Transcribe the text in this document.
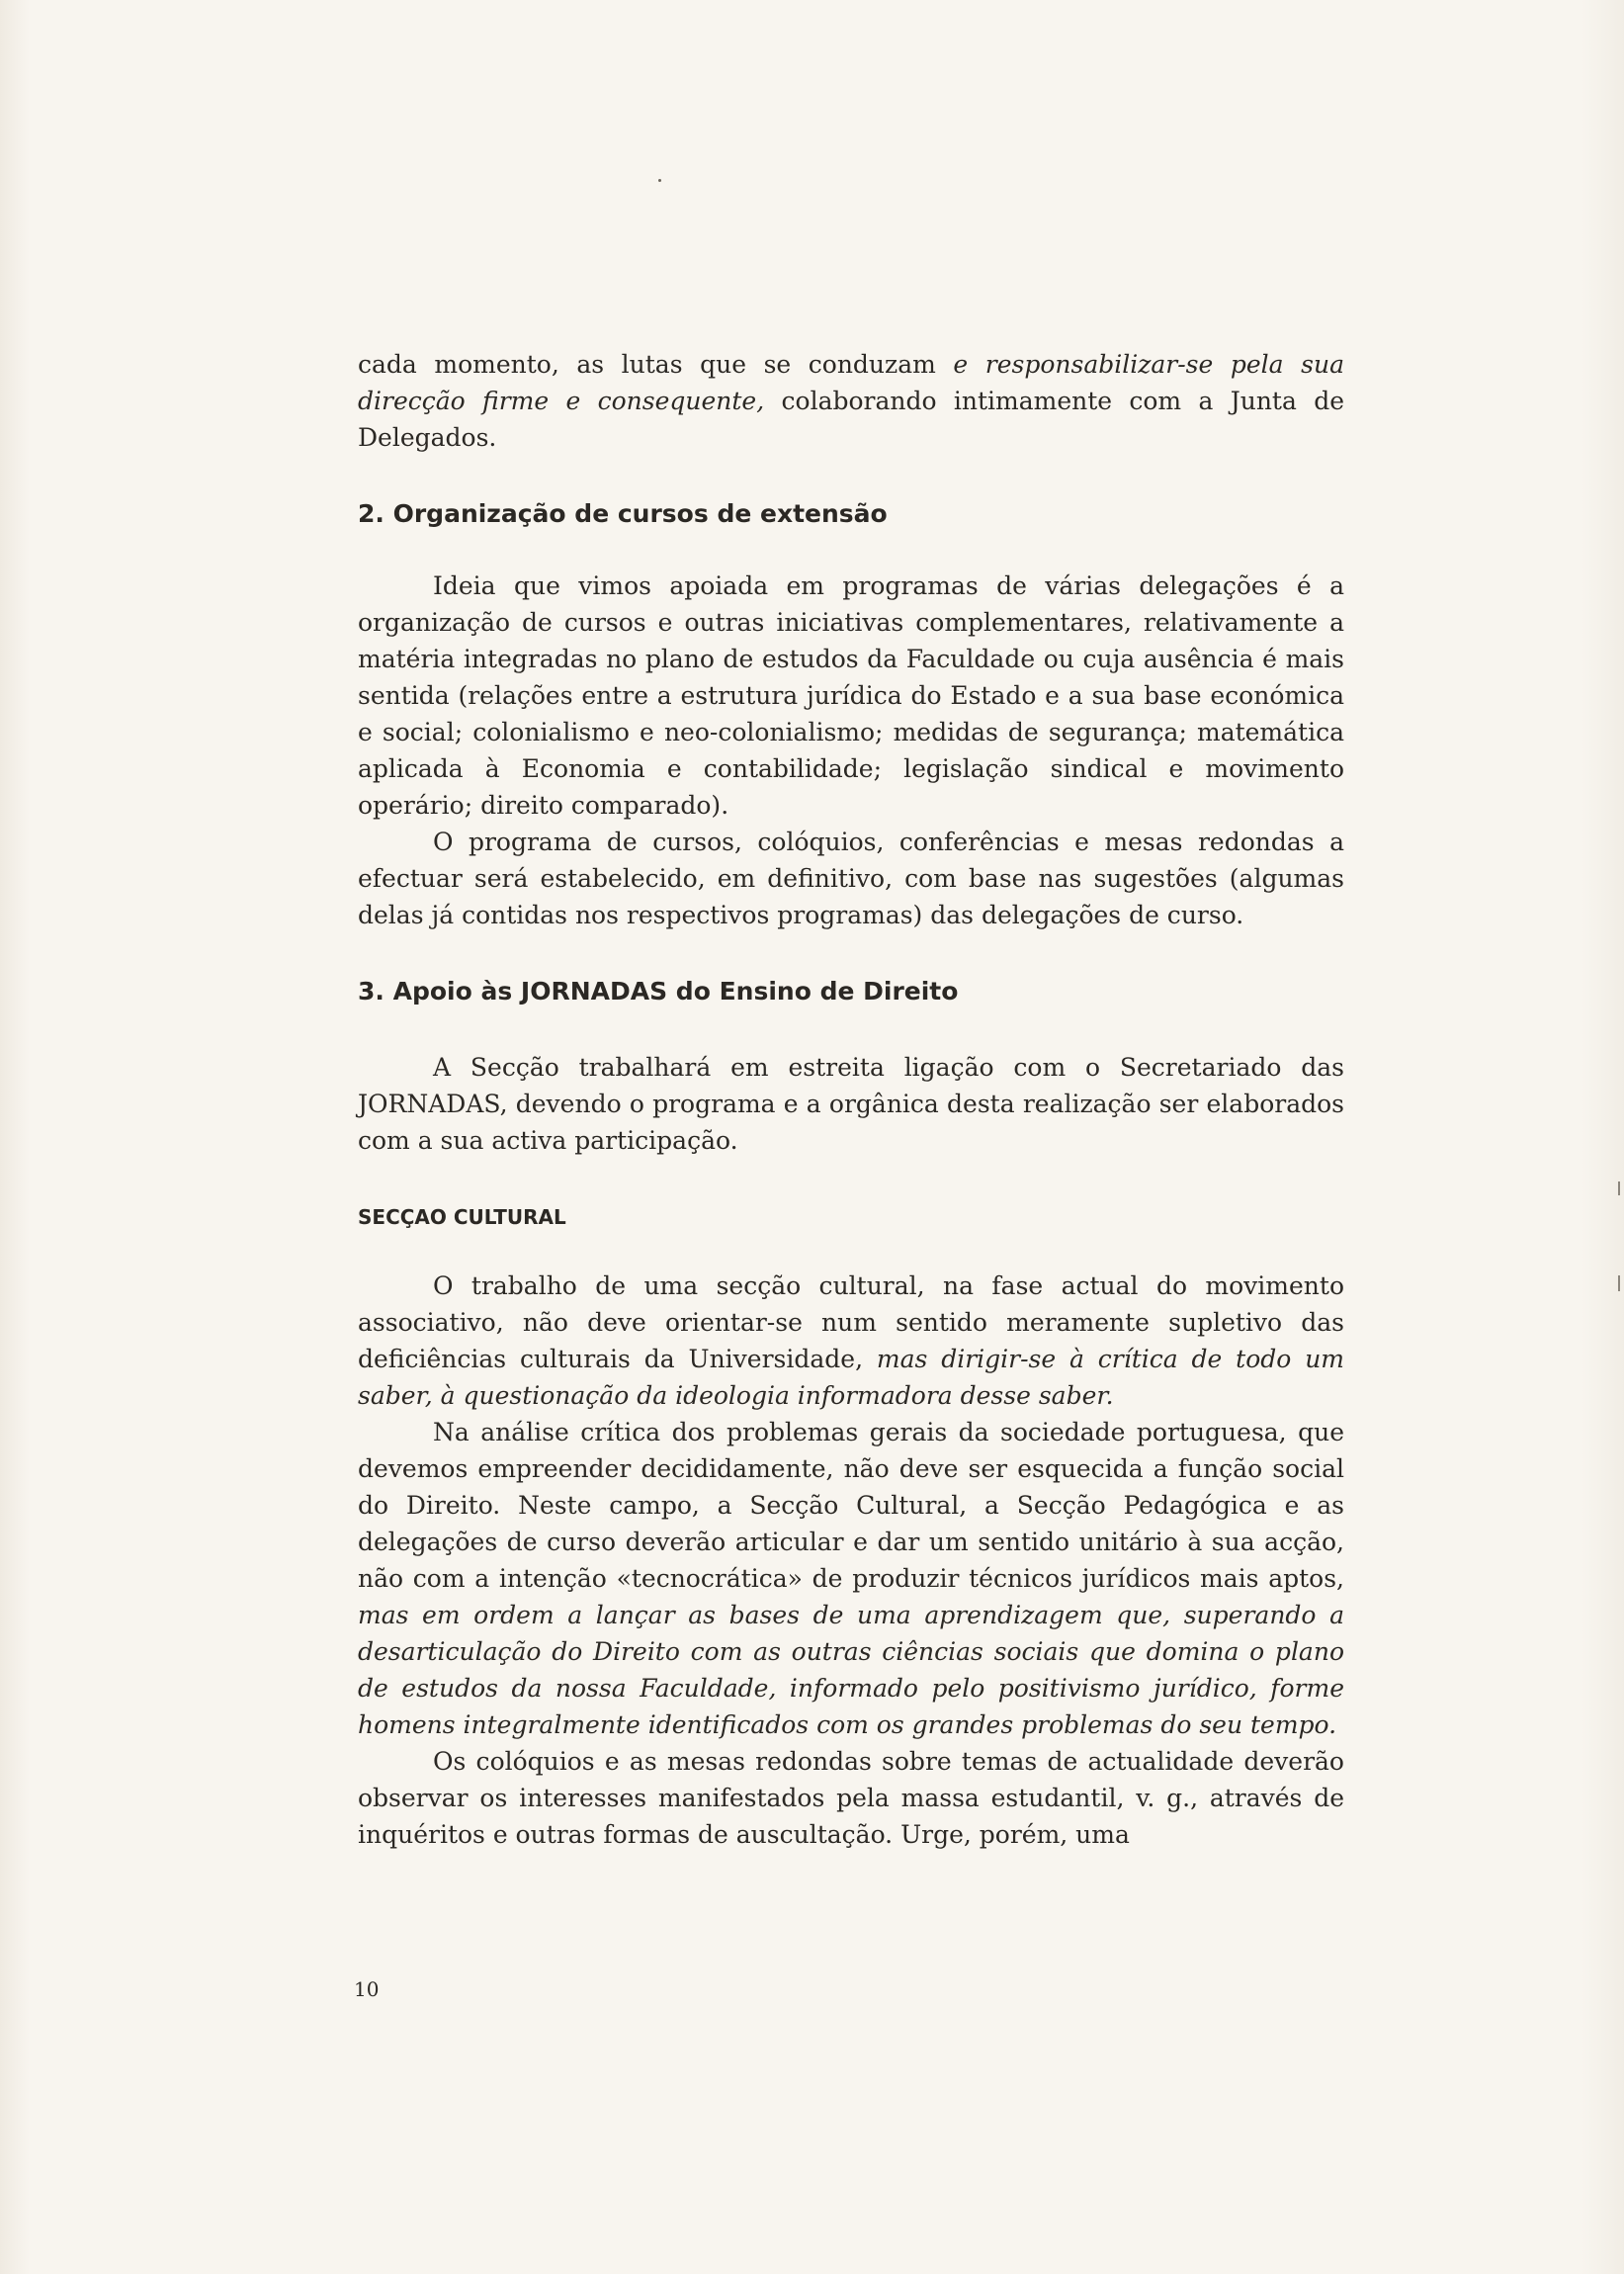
cada momento, as lutas que se conduzam e responsabilizar-se pela sua direcção firme e consequente, colaborando intimamente com a Junta de Delegados.

2. Organização de cursos de extensão

Ideia que vimos apoiada em programas de várias delegações é a organização de cursos e outras iniciativas complementares, relativamente a matéria integradas no plano de estudos da Faculdade ou cuja ausência é mais sentida (relações entre a estrutura jurídica do Estado e a sua base económica e social; colonialismo e neo-colonialismo; medidas de segurança; matemática aplicada à Economia e contabilidade; legislação sindical e movimento operário; direito comparado).

O programa de cursos, colóquios, conferências e mesas redondas a efectuar será estabelecido, em definitivo, com base nas sugestões (algumas delas já contidas nos respectivos programas) das delegações de curso.

3. Apoio às JORNADAS do Ensino de Direito

A Secção trabalhará em estreita ligação com o Secretariado das JORNADAS, devendo o programa e a orgânica desta realização ser elaborados com a sua activa participação.

SECÇAO CULTURAL

O trabalho de uma secção cultural, na fase actual do movimento associativo, não deve orientar-se num sentido meramente supletivo das deficiências culturais da Universidade, mas dirigir-se à crítica de todo um saber, à questionação da ideologia informadora desse saber.

Na análise crítica dos problemas gerais da sociedade portuguesa, que devemos empreender decididamente, não deve ser esquecida a função social do Direito. Neste campo, a Secção Cultural, a Secção Pedagógica e as delegações de curso deverão articular e dar um sentido unitário à sua acção, não com a intenção «tecnocrática» de produzir técnicos jurídicos mais aptos, mas em ordem a lançar as bases de uma aprendizagem que, superando a desarticulação do Direito com as outras ciências sociais que domina o plano de estudos da nossa Faculdade, informado pelo positivismo jurídico, forme homens integralmente identificados com os grandes problemas do seu tempo.

Os colóquios e as mesas redondas sobre temas de actualidade deverão observar os interesses manifestados pela massa estudantil, v. g., através de inquéritos e outras formas de auscultação. Urge, porém, uma

10
